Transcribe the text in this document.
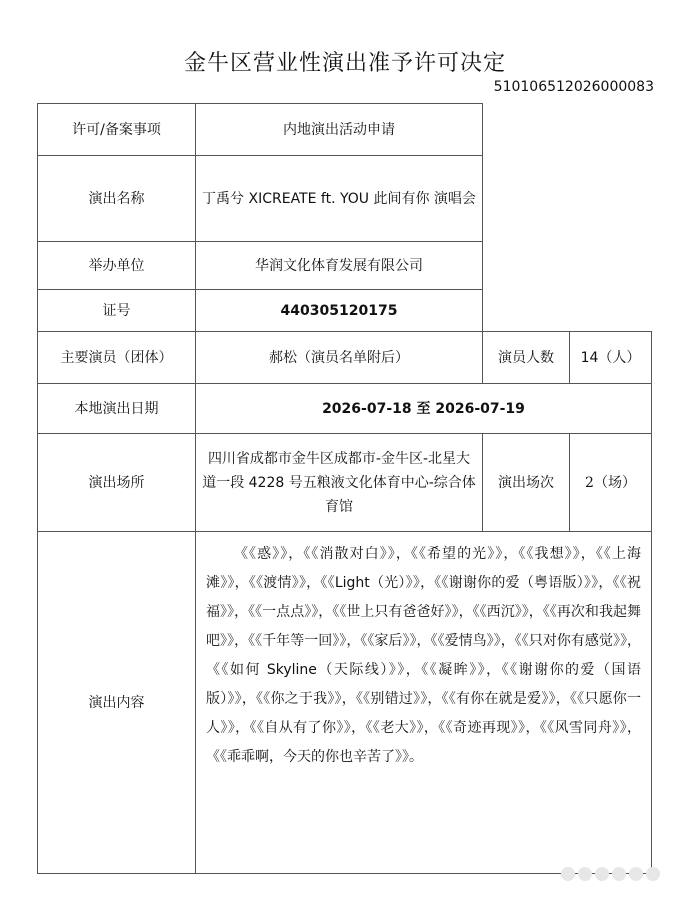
金牛区营业性演出准予许可决定
510106512026000083
许可/备案事项	内地演出活动申请		
演出名称	丁禹兮 XICREATE ft. YOU 此间有你 演唱会		
举办单位	华润文化体育发展有限公司		
证号	440305120175		
主要演员（团体）	郝松（演员名单附后）	演员人数	14（人）
本地演出日期	2026-07-18 至 2026-07-19		
演出场所	四川省成都市金牛区成都市-金牛区-北星大道一段 4228 号五粮液文化体育中心-综合体育馆	演出场次	2（场）
演出内容	《《惑》》，《《消散对白》》，《《希望的光》》，《《我想》》，《《上海滩》》，《《渡情》》，《《Light（光）》》，《《谢谢你的爱（粤语版）》》，《《祝福》》，《《一点点》》，《《世上只有爸爸好》》，《《西沉》》，《《再次和我起舞吧》》，《《千年等一回》》，《《家后》》，《《爱情鸟》》，《《只对你有感觉》》，《《如何 Skyline（天际线）》》，《《凝眸》》，《《谢谢你的爱（国语版）》》，《《你之于我》》，《《别错过》》，《《有你在就是爱》》，《《只愿你一人》》，《《自从有了你》》，《《老大》》，《《奇迹再现》》，《《风雪同舟》》，《《乖乖啊，今天的你也辛苦了》》。		
